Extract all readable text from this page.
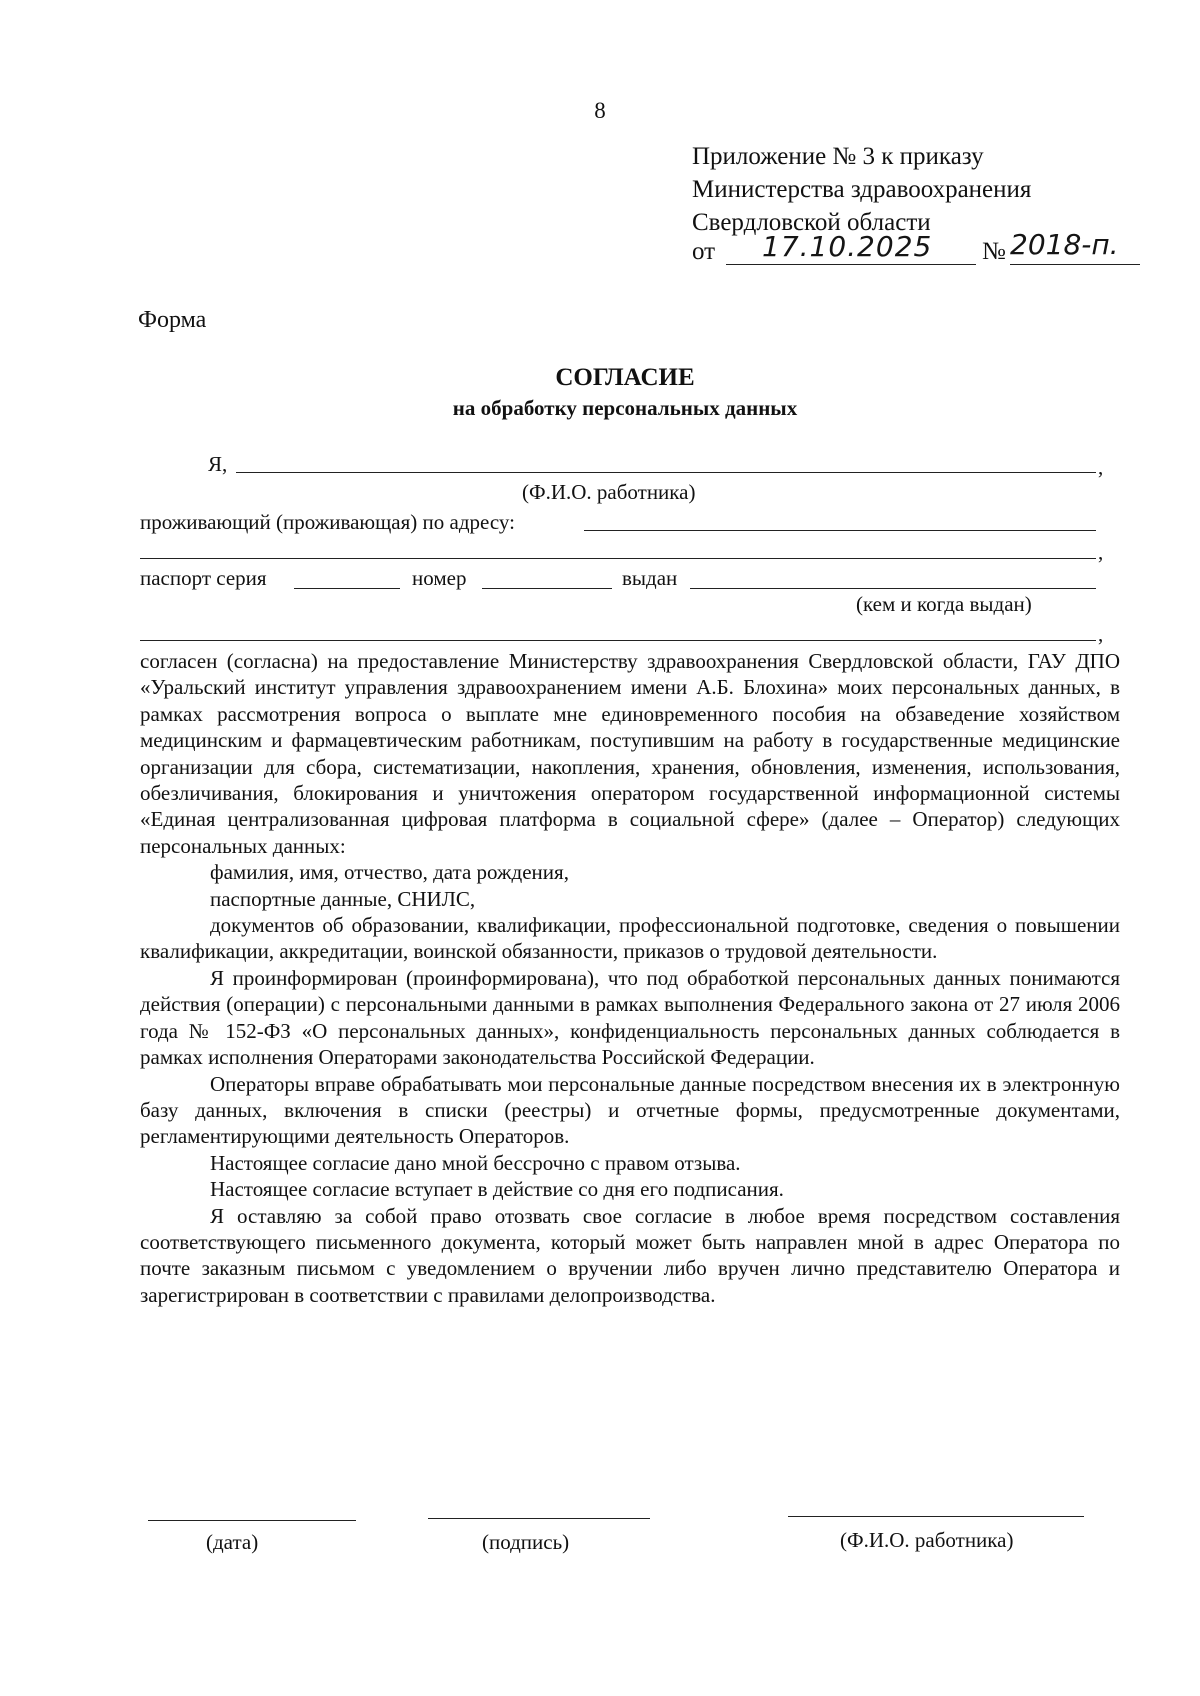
8
Приложение № 3 к приказу
Министерства здравоохранения
Свердловской области
от 17.10.2025 № 2018-п.
Форма
СОГЛАСИЕ
на обработку персональных данных
Я,	,
(Ф.И.О. работника)
проживающий (проживающая) по адресу:
,
паспорт серия	номер	выдан
(кем и когда выдан)
,

согласен (согласна) на предоставление Министерству здравоохранения Свердловской области, ГАУ ДПО «Уральский институт управления здравоохранением имени А.Б. Блохина» моих персональных данных, в рамках рассмотрения вопроса о выплате мне единовременного пособия на обзаведение хозяйством медицинским и фармацевтическим работникам, поступившим на работу в государственные медицинские организации для сбора, систематизации, накопления, хранения, обновления, изменения, использования, обезличивания, блокирования и уничтожения оператором государственной информационной системы «Единая централизованная цифровая платформа в социальной сфере» (далее – Оператор) следующих персональных данных:

фамилия, имя, отчество, дата рождения,

паспортные данные, СНИЛС,

документов об образовании, квалификации, профессиональной подготовке, сведения о повышении квалификации, аккредитации, воинской обязанности, приказов о трудовой деятельности.

Я проинформирован (проинформирована), что под обработкой персональных данных понимаются действия (операции) с персональными данными в рамках выполнения Федерального закона от 27 июля 2006 года № 152-ФЗ «О персональных данных», конфиденциальность персональных данных соблюдается в рамках исполнения Операторами законодательства Российской Федерации.

Операторы вправе обрабатывать мои персональные данные посредством внесения их в электронную базу данных, включения в списки (реестры) и отчетные формы, предусмотренные документами, регламентирующими деятельность Операторов.

Настоящее согласие дано мной бессрочно с правом отзыва.

Настоящее согласие вступает в действие со дня его подписания.

Я оставляю за собой право отозвать свое согласие в любое время посредством составления соответствующего письменного документа, который может быть направлен мной в адрес Оператора по почте заказным письмом с уведомлением о вручении либо вручен лично представителю Оператора и зарегистрирован в соответствии с правилами делопроизводства.

(дата)	(подпись)	(Ф.И.О. работника)
